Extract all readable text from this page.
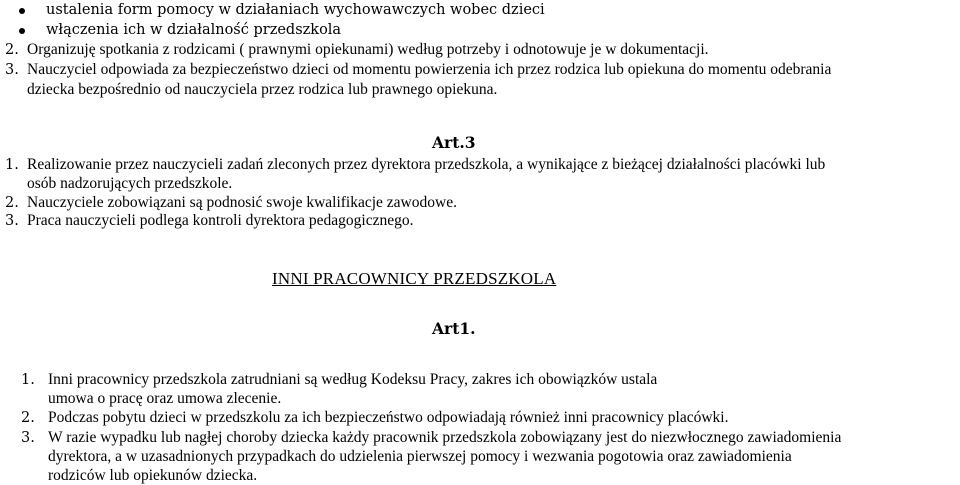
ustalenia form pomocy w działaniach wychowawczych wobec dzieci
włączenia ich w działalność przedszkola
2. Organizuję spotkania z rodzicami ( prawnymi opiekunami) według potrzeby i odnotowuje je w dokumentacji.
3. Nauczyciel odpowiada za bezpieczeństwo dzieci od momentu powierzenia ich przez rodzica lub opiekuna do momentu odebrania
dziecka bezpośrednio od nauczyciela przez rodzica lub prawnego opiekuna.
Art.3
1. Realizowanie przez nauczycieli zadań zleconych przez dyrektora przedszkola, a wynikające z bieżącej działalności placówki lub
osób nadzorujących przedszkole.
2. Nauczyciele zobowiązani są podnosić swoje kwalifikacje zawodowe.
3. Praca nauczycieli podlega kontroli dyrektora pedagogicznego.
INNI PRACOWNICY PRZEDSZKOLA
Art1.
1. Inni pracownicy przedszkola zatrudniani są według Kodeksu Pracy, zakres ich obowiązków ustala
umowa o pracę oraz umowa zlecenie.
2. Podczas pobytu dzieci w przedszkolu za ich bezpieczeństwo odpowiadają również inni pracownicy placówki.
3. W razie wypadku lub nagłej choroby dziecka każdy pracownik przedszkola zobowiązany jest do niezwłocznego zawiadomienia
dyrektora, a w uzasadnionych przypadkach do udzielenia pierwszej pomocy i wezwania pogotowia oraz zawiadomienia
rodziców lub opiekunów dziecka.
